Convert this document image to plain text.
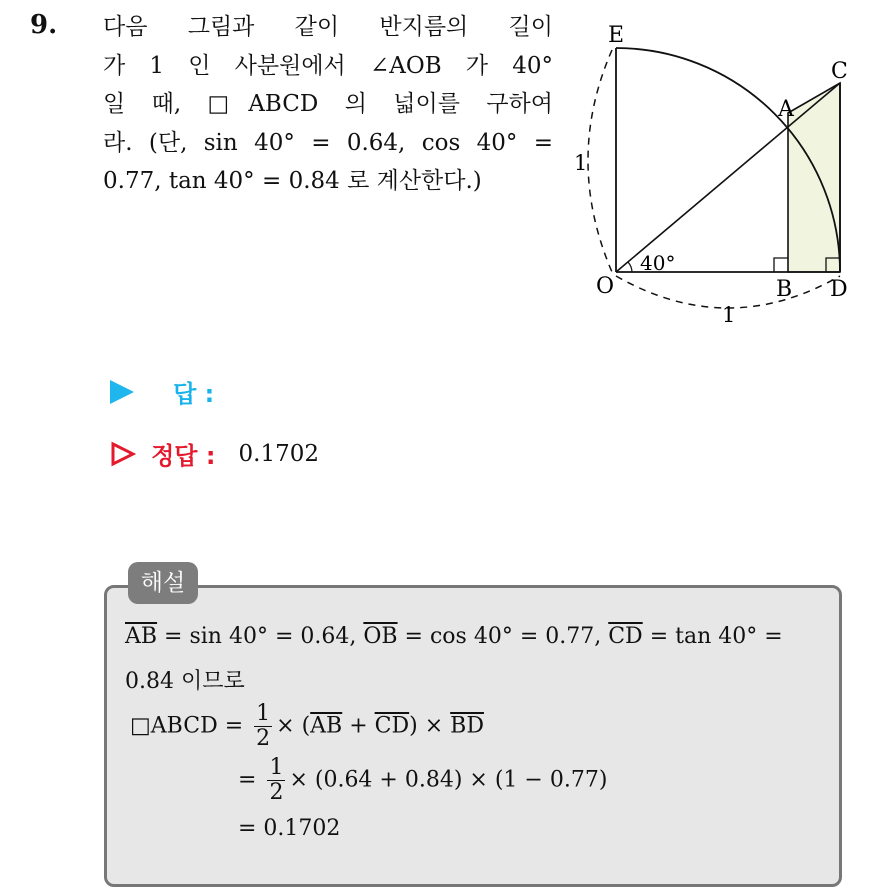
9. 다음 그림과 같이 반지름의 길이
가 1 인 사분원에서 ∠AOB 가 40°
일 때, □ABCD 의 넓이를 구하여
라. (단, sin 40° = 0.64, cos 40° =
0.77, tan 40° = 0.84 로 계산한다.)
E
C
A
O	B D
40°
1
1
답 :
정답 : 0.1702
해설
$\overline{AB} = \sin 40^\circ = 0.64$, $\overline{OB} = \cos 40^\circ = 0.77$, $\overline{CD} = \tan 40^\circ$ =
0.84 이므로
□ABCD = $\frac{1}{2} \times (\overline{AB} + \overline{CD}) \times \overline{BD}$
= $\frac{1}{2} \times (0.64 + 0.84) \times (1 - 0.77)$
= 0.1702
